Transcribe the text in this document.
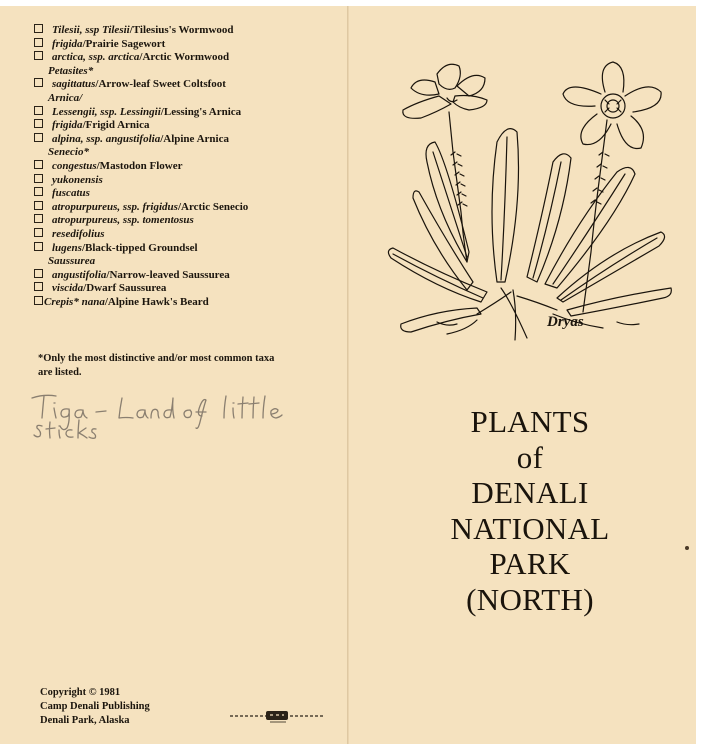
Tilesii, ssp Tilesii/Tilesius's Wormwood
frigida/Prairie Sagewort
arctica, ssp. arctica/Arctic Wormwood
Petasites*
sagittatus/Arrow-leaf Sweet Coltsfoot
Arnica/
Lessengii, ssp. Lessingii/Lessing's Arnica
frigida/Frigid Arnica
alpina, ssp. angustifolia/Alpine Arnica
Senecio*
congestus/Mastodon Flower
yukonensis
fuscatus
atropurpureus, ssp. frigidus/Arctic Senecio
atropurpureus, ssp. tomentosus
resedifolius
lugens/Black-tipped Groundsel
Saussurea
angustifolia/Narrow-leaved Saussurea
viscida/Dwarf Saussurea
Crepis* nana/Alpine Hawk's Beard
*Only the most distinctive and/or most common taxa
are listed.
Copyright © 1981
Camp Denali Publishing
Denali Park, Alaska
Dryas
PLANTS
of
DENALI
NATIONAL
PARK
(NORTH)
